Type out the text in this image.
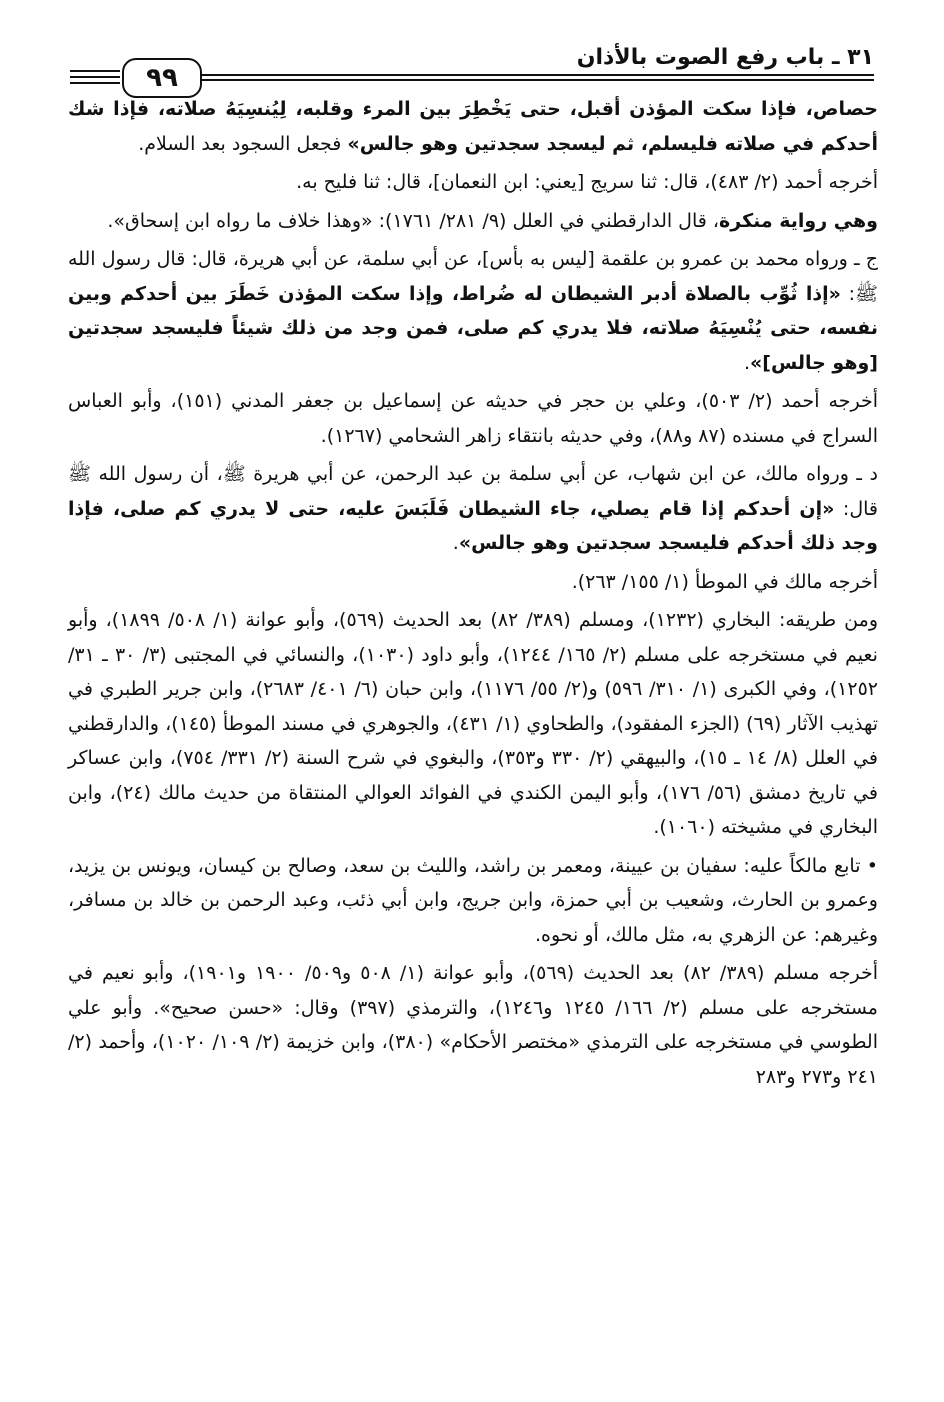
٣١ ـ باب رفع الصوت بالأذان
٩٩

حصاص، فإذا سكت المؤذن أقبل، حتى يَخْطِرَ بين المرء وقلبه، لِيُنسِيَهُ صلاته، فإذا شك أحدكم في صلاته فليسلم، ثم ليسجد سجدتين وهو جالس» فجعل السجود بعد السلام.

أخرجه أحمد (٢/ ٤٨٣)، قال: ثنا سريج [يعني: ابن النعمان]، قال: ثنا فليح به.

وهي رواية منكرة، قال الدارقطني في العلل (٩/ ٢٨١/ ١٧٦١): «وهذا خلاف ما رواه ابن إسحاق».

ج ـ ورواه محمد بن عمرو بن علقمة [ليس به بأس]، عن أبي سلمة، عن أبي هريرة، قال: قال رسول الله ﷺ: «إذا ثُوِّب بالصلاة أدبر الشيطان له ضُراط، وإذا سكت المؤذن خَطَرَ بين أحدكم وبين نفسه، حتى يُنْسِيَهُ صلاته، فلا يدري كم صلى، فمن وجد من ذلك شيئاً فليسجد سجدتين [وهو جالس]».

أخرجه أحمد (٢/ ٥٠٣)، وعلي بن حجر في حديثه عن إسماعيل بن جعفر المدني (١٥١)، وأبو العباس السراج في مسنده (٨٧ و٨٨)، وفي حديثه بانتقاء زاهر الشحامي (١٢٦٧).

د ـ ورواه مالك، عن ابن شهاب، عن أبي سلمة بن عبد الرحمن، عن أبي هريرة ﷺ، أن رسول الله ﷺ قال: «إن أحدكم إذا قام يصلي، جاء الشيطان فَلَبَسَ عليه، حتى لا يدري كم صلى، فإذا وجد ذلك أحدكم فليسجد سجدتين وهو جالس».

أخرجه مالك في الموطأ (١/ ١٥٥/ ٢٦٣).

ومن طريقه: البخاري (١٢٣٢)، ومسلم (٣٨٩/ ٨٢) بعد الحديث (٥٦٩)، وأبو عوانة (١/ ٥٠٨/ ١٨٩٩)، وأبو نعيم في مستخرجه على مسلم (٢/ ١٦٥/ ١٢٤٤)، وأبو داود (١٠٣٠)، والنسائي في المجتبى (٣/ ٣٠ ـ ٣١/ ١٢٥٢)، وفي الكبرى (١/ ٣١٠/ ٥٩٦) و(٢/ ٥٥/ ١١٧٦)، وابن حبان (٦/ ٤٠١/ ٢٦٨٣)، وابن جرير الطبري في تهذيب الآثار (٦٩) (الجزء المفقود)، والطحاوي (١/ ٤٣١)، والجوهري في مسند الموطأ (١٤٥)، والدارقطني في العلل (٨/ ١٤ ـ ١٥)، والبيهقي (٢/ ٣٣٠ و٣٥٣)، والبغوي في شرح السنة (٢/ ٣٣١/ ٧٥٤)، وابن عساكر في تاريخ دمشق (٥٦/ ١٧٦)، وأبو اليمن الكندي في الفوائد العوالي المنتقاة من حديث مالك (٢٤)، وابن البخاري في مشيخته (١٠٦٠).

• تابع مالكاً عليه: سفيان بن عيينة، ومعمر بن راشد، والليث بن سعد، وصالح بن كيسان، ويونس بن يزيد، وعمرو بن الحارث، وشعيب بن أبي حمزة، وابن جريج، وابن أبي ذئب، وعبد الرحمن بن خالد بن مسافر، وغيرهم: عن الزهري به، مثل مالك، أو نحوه.

أخرجه مسلم (٣٨٩/ ٨٢) بعد الحديث (٥٦٩)، وأبو عوانة (١/ ٥٠٨ و٥٠٩/ ١٩٠٠ و١٩٠١)، وأبو نعيم في مستخرجه على مسلم (٢/ ١٦٦/ ١٢٤٥ و١٢٤٦)، والترمذي (٣٩٧) وقال: «حسن صحيح». وأبو علي الطوسي في مستخرجه على الترمذي «مختصر الأحكام» (٣٨٠)، وابن خزيمة (٢/ ١٠٩/ ١٠٢٠)، وأحمد (٢/ ٢٤١ و٢٧٣ و٢٨٣
